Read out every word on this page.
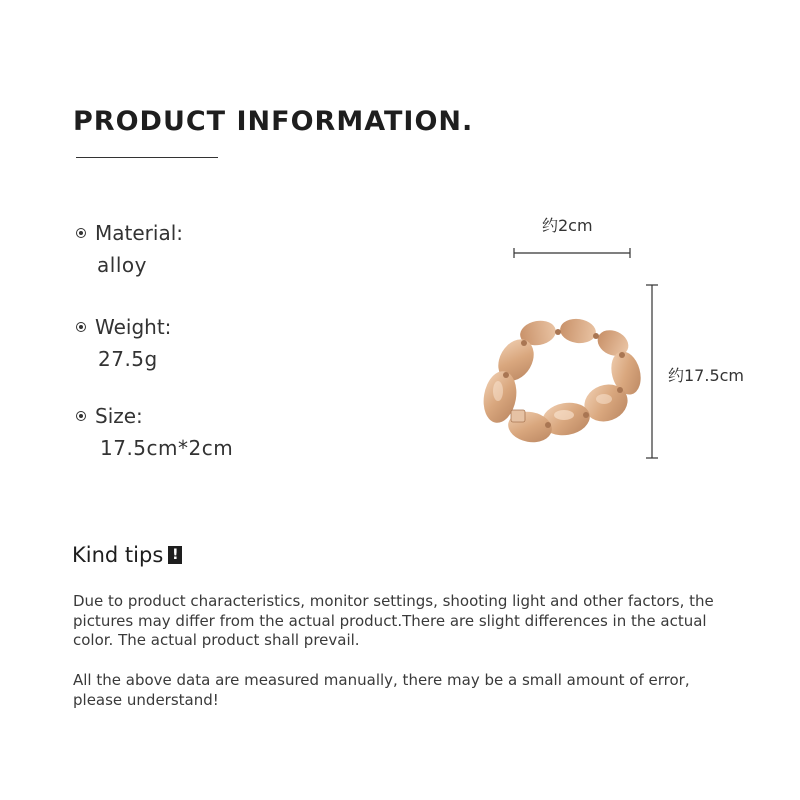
PRODUCT INFORMATION.
Material:
alloy
Weight:
27.5g
Size:
17.5cm*2cm
约2cm
约17.5cm
Kind tips !
Due to product characteristics, monitor settings, shooting light and other factors, the pictures may differ from the actual product.There are slight differences in the actual color. The actual product shall prevail.
All the above data are measured manually, there may be a small amount of error, please understand!
